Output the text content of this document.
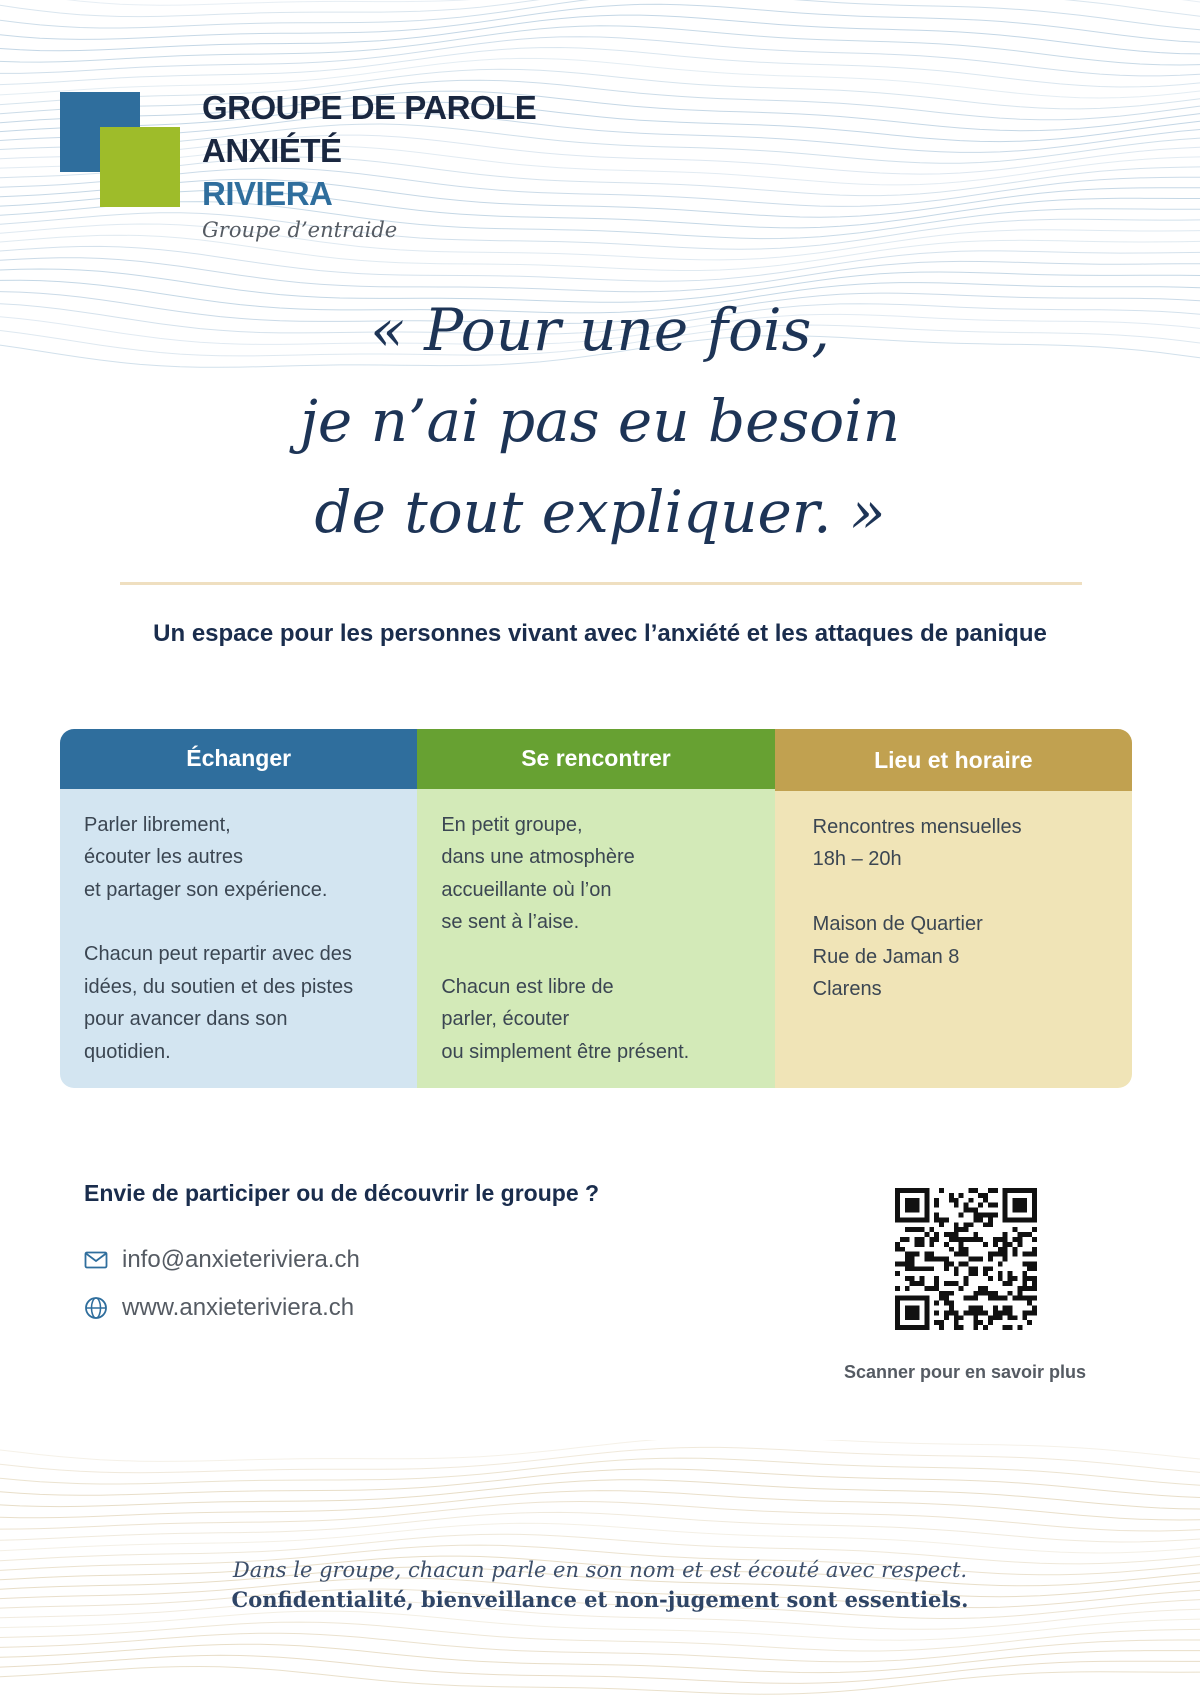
GROUPE DE PAROLE
ANXIÉTÉ
RIVIERA
Groupe d’entraide
« Pour une fois,
je n’ai pas eu besoin
de tout expliquer. »
Un espace pour les personnes vivant avec l’anxiété et les attaques de panique
Échanger
Parler librement,
écouter les autres
et partager son expérience.
Chacun peut repartir avec des
idées, du soutien et des pistes
pour avancer dans son
quotidien.
Se rencontrer
En petit groupe,
dans une atmosphère
accueillante où l’on
se sent à l’aise.
Chacun est libre de
parler, écouter
ou simplement être présent.
Lieu et horaire
Rencontres mensuelles
18h – 20h
Maison de Quartier
Rue de Jaman 8
Clarens
Envie de participer ou de découvrir le groupe ?
info@anxieteriviera.ch
www.anxieteriviera.ch
Scanner pour en savoir plus
Dans le groupe, chacun parle en son nom et est écouté avec respect.
Confidentialité, bienveillance et non-jugement sont essentiels.
